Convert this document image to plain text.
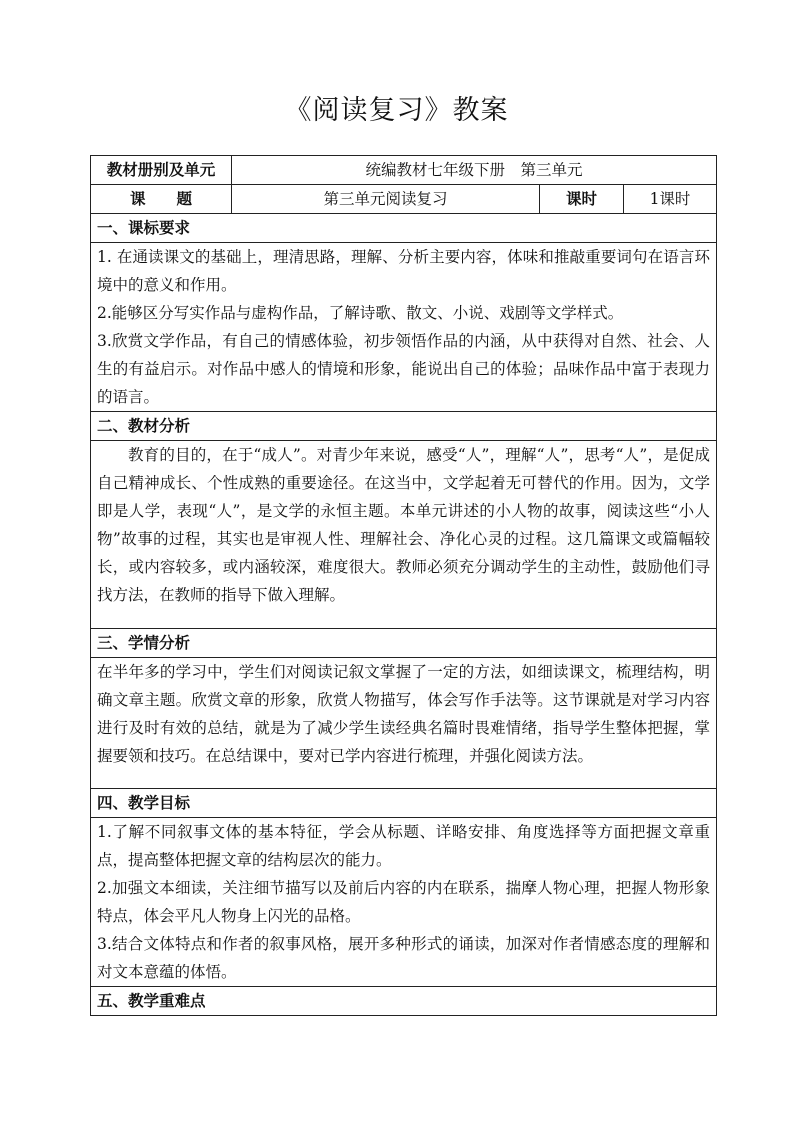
《阅读复习》教案
教材册别及单元	统编教材七年级下册　第三单元		
课　　题	第三单元阅读复习	课时	1课时
一、课标要求			

1. 在通读课文的基础上，理清思路，理解、分析主要内容，体味和推敲重要词句在语言环境中的意义和作用。

2.能够区分写实作品与虚构作品，了解诗歌、散文、小说、戏剧等文学样式。

3.欣赏文学作品，有自己的情感体验，初步领悟作品的内涵，从中获得对自然、社会、人生的有益启示。对作品中感人的情境和形象，能说出自己的体验；品味作品中富于表现力的语言。			

二、教材分析			

教育的目的，在于“成人”。对青少年来说，感受“人”，理解“人”，思考“人”，是促成自己精神成长、个性成熟的重要途径。在这当中，文学起着无可替代的作用。因为，文学即是人学，表现“人”，是文学的永恒主题。本单元讲述的小人物的故事，阅读这些“小人物”故事的过程，其实也是审视人性、理解社会、净化心灵的过程。这几篇课文或篇幅较长，或内容较多，或内涵较深，难度很大。教师必须充分调动学生的主动性，鼓励他们寻找方法，在教师的指导下做入理解。			

三、学情分析			

在半年多的学习中，学生们对阅读记叙文掌握了一定的方法，如细读课文，梳理结构，明确文章主题。欣赏文章的形象，欣赏人物描写，体会写作手法等。这节课就是对学习内容进行及时有效的总结，就是为了减少学生读经典名篇时畏难情绪，指导学生整体把握，掌握要领和技巧。在总结课中，要对已学内容进行梳理，并强化阅读方法。			

四、教学目标			

1.了解不同叙事文体的基本特征，学会从标题、详略安排、角度选择等方面把握文章重点，提高整体把握文章的结构层次的能力。

2.加强文本细读，关注细节描写以及前后内容的内在联系，揣摩人物心理，把握人物形象特点，体会平凡人物身上闪光的品格。

3.结合文体特点和作者的叙事风格，展开多种形式的诵读，加深对作者情感态度的理解和对文本意蕴的体悟。			

五、教学重难点			
